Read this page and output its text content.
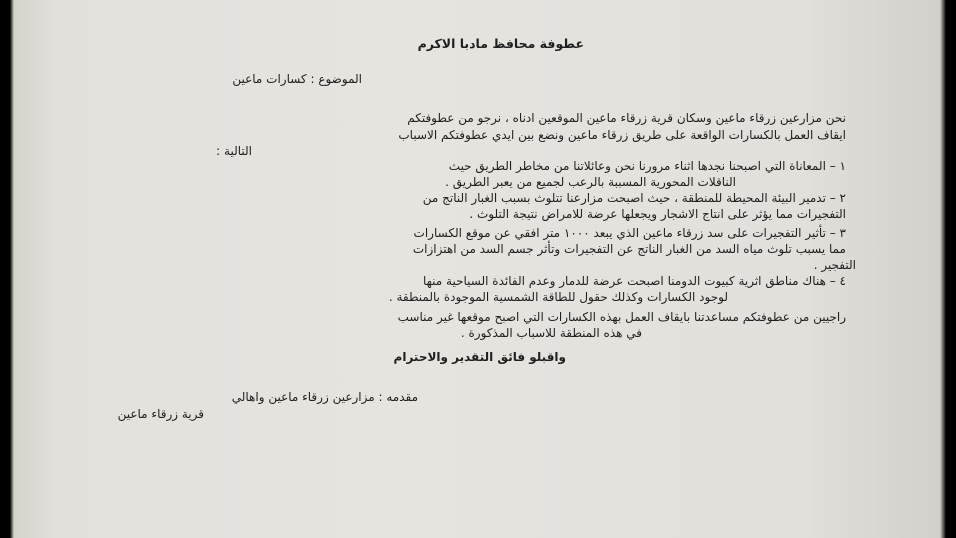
عطوفة محافظ مادبا الاكرم
الموضوع : كسارات ماعين
نحن مزارعين زرقاء ماعين وسكان قرية زرقاء ماعين الموقعين ادناه ، نرجو من عطوفتكم
ايقاف العمل بالكسارات الواقعة على طريق زرقاء ماعين ونضع بين ايدي عطوفتكم الاسباب
التالية :
١ – المعاناة التي اصبحنا نجدها اثناء مرورنا نحن وعائلاتنا من مخاطر الطريق حيث
الناقلات المحورية المسببة بالرعب لجميع من يعبر الطريق .
٢ – تدمير البيئة المحيطة للمنطقة ، حيث اصبحت مزارعنا تتلوث بسبب الغبار الناتج من
التفجيرات مما يؤثر على انتاج الاشجار ويجعلها عرضة للامراض نتيجة التلوث .
٣ – تأثير التفجيرات على سد زرقاء ماعين الذي يبعد ١٠٠٠ متر افقي عن موقع الكسارات
مما يسبب تلوث مياه السد من الغبار الناتج عن التفجيرات وتأثر جسم السد من اهتزازات
التفجير .
٤ – هناك مناطق اثرية كبيوت الدومنا اصبحت عرضة للدمار وعدم الفائدة السياحية منها
لوجود الكسارات وكذلك حقول للطاقة الشمسية الموجودة بالمنطقة .
راجيين من عطوفتكم مساعدتنا بايقاف العمل بهذه الكسارات التي اصبح موقعها غير مناسب
في هذه المنطقة للاسباب المذكورة .
واقبلو فائق التقدير والاحترام
مقدمه : مزارعين زرقاء ماعين واهالي
قرية زرقاء ماعين
